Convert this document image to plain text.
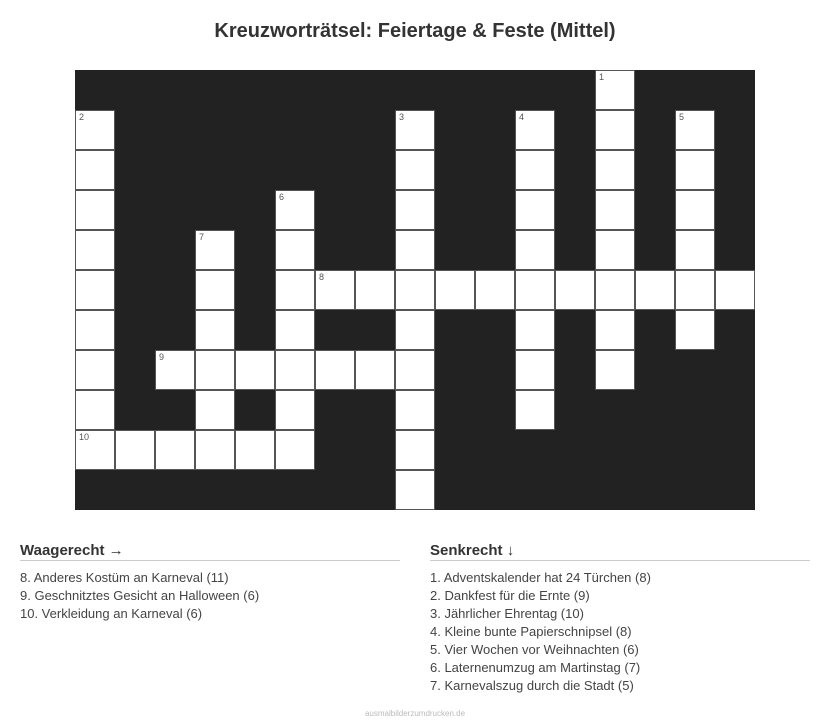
Kreuzworträtsel: Feiertage & Feste (Mittel)
1
2
10
3	4	5
6
7
8
9
Waagerecht →

8. Anderes Kostüm an Karneval (11)

9. Geschnitztes Gesicht an Halloween (6)

10. Verkleidung an Karneval (6)

Senkrecht ↓

1. Adventskalender hat 24 Türchen (8)

2. Dankfest für die Ernte (9)

3. Jährlicher Ehrentag (10)

4. Kleine bunte Papierschnipsel (8)

5. Vier Wochen vor Weihnachten (6)

6. Laternenumzug am Martinstag (7)

7. Karnevalszug durch die Stadt (5)

ausmalbilderzumdrucken.de
